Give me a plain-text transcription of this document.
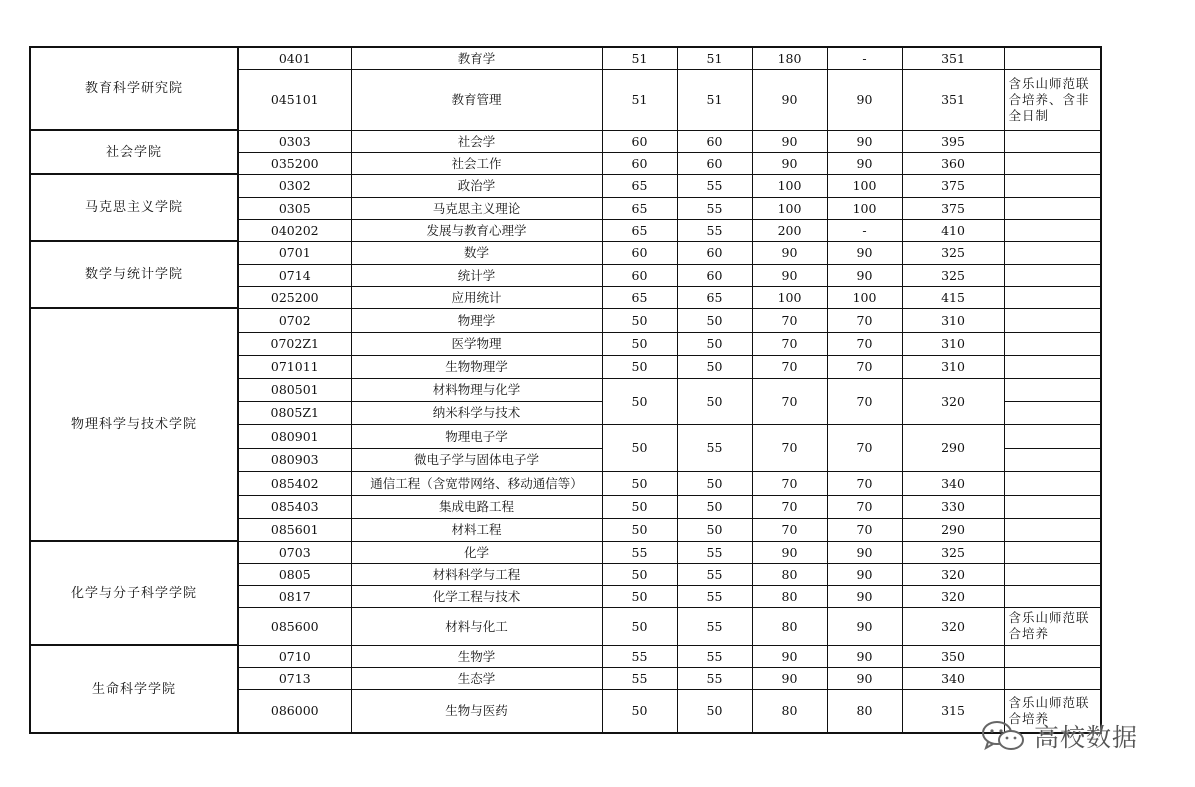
教育科学研究院	0401	教育学	51	51	180	-	351	
	045101	教育管理	51	51	90	90	351	含乐山师范联合培养、含非全日制
社会学院	0303	社会学	60	60	90	90	395	
	035200	社会工作	60	60	90	90	360	
马克思主义学院	0302	政治学	65	55	100	100	375	
	0305	马克思主义理论	65	55	100	100	375	
	040202	发展与教育心理学	65	55	200	-	410	
数学与统计学院	0701	数学	60	60	90	90	325	
	0714	统计学	60	60	90	90	325	
	025200	应用统计	65	65	100	100	415	
物理科学与技术学院	0702	物理学	50	50	70	70	310	
	0702Z1	医学物理	50	50	70	70	310	
	071011	生物物理学	50	50	70	70	310	
	080501	材料物理与化学	50	50	70	70	320	
	0805Z1	纳米科学与技术						
	080901	物理电子学	50	55	70	70	290	
	080903	微电子学与固体电子学						
	085402	通信工程（含宽带网络、移动通信等）	50	50	70	70	340	
	085403	集成电路工程	50	50	70	70	330	
	085601	材料工程	50	50	70	70	290	
化学与分子科学学院	0703	化学	55	55	90	90	325	
	0805	材料科学与工程	50	55	80	90	320	
	0817	化学工程与技术	50	55	80	90	320	
	085600	材料与化工	50	55	80	90	320	含乐山师范联合培养
生命科学学院	0710	生物学	55	55	90	90	350	
	0713	生态学	55	55	90	90	340	
	086000	生物与医药	50	50	80	80	315	含乐山师范联合培养
高校数据
